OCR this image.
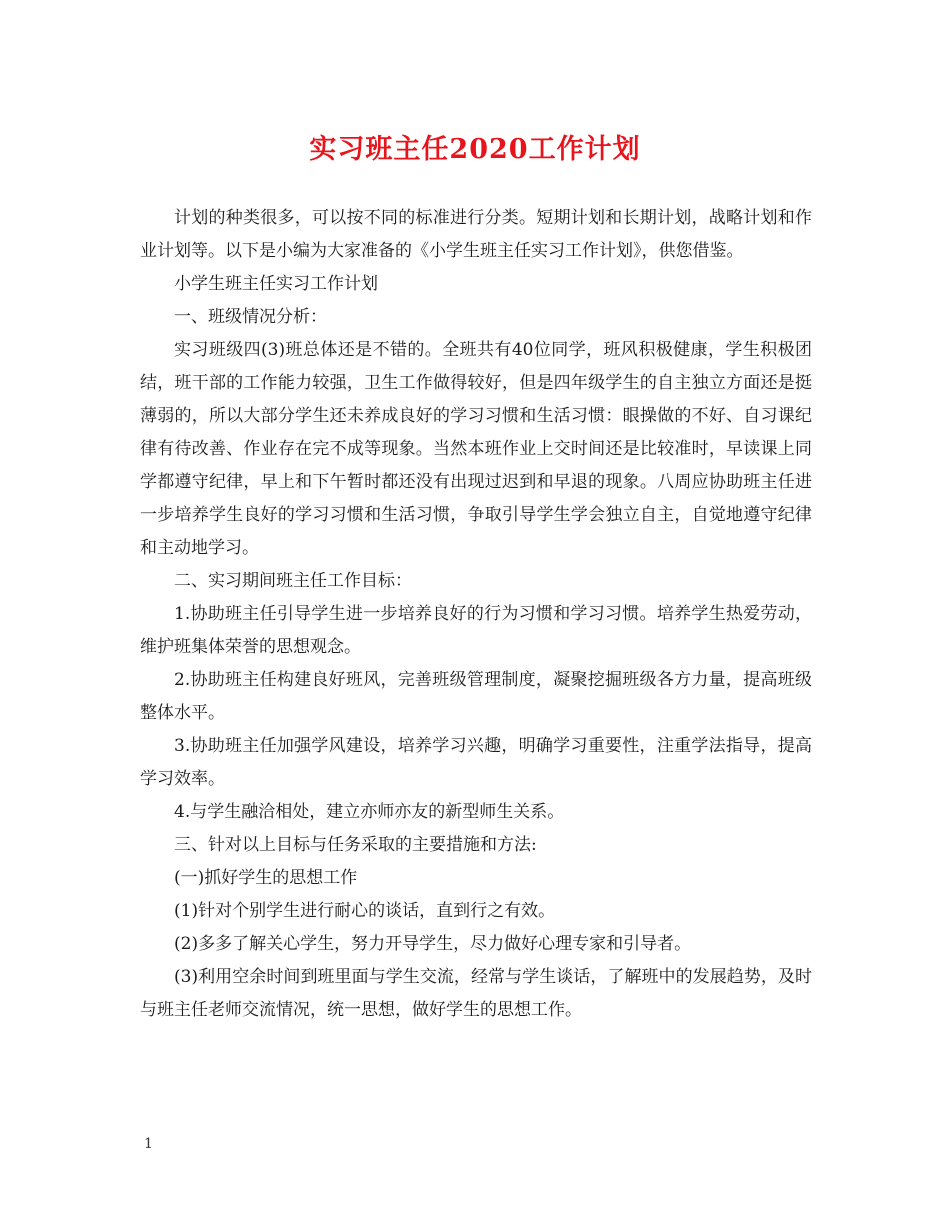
实习班主任2020工作计划

计划的种类很多，可以按不同的标准进行分类。短期计划和长期计划，战略计划和作业计划等。以下是小编为大家准备的《小学生班主任实习工作计划》，供您借鉴。

小学生班主任实习工作计划

一、班级情况分析：

实习班级四(3)班总体还是不错的。全班共有40位同学，班风积极健康，学生积极团结，班干部的工作能力较强，卫生工作做得较好，但是四年级学生的自主独立方面还是挺薄弱的，所以大部分学生还未养成良好的学习习惯和生活习惯：眼操做的不好、自习课纪律有待改善、作业存在完不成等现象。当然本班作业上交时间还是比较准时，早读课上同学都遵守纪律，早上和下午暂时都还没有出现过迟到和早退的现象。八周应协助班主任进一步培养学生良好的学习习惯和生活习惯，争取引导学生学会独立自主，自觉地遵守纪律和主动地学习。

二、实习期间班主任工作目标：

1.协助班主任引导学生进一步培养良好的行为习惯和学习习惯。培养学生热爱劳动，维护班集体荣誉的思想观念。

2.协助班主任构建良好班风，完善班级管理制度，凝聚挖掘班级各方力量，提高班级整体水平。

3.协助班主任加强学风建设，培养学习兴趣，明确学习重要性，注重学法指导，提高学习效率。

4.与学生融洽相处，建立亦师亦友的新型师生关系。

三、针对以上目标与任务采取的主要措施和方法:

(一)抓好学生的思想工作

(1)针对个别学生进行耐心的谈话，直到行之有效。

(2)多多了解关心学生，努力开导学生，尽力做好心理专家和引导者。

(3)利用空余时间到班里面与学生交流，经常与学生谈话，了解班中的发展趋势，及时与班主任老师交流情况，统一思想，做好学生的思想工作。

1
